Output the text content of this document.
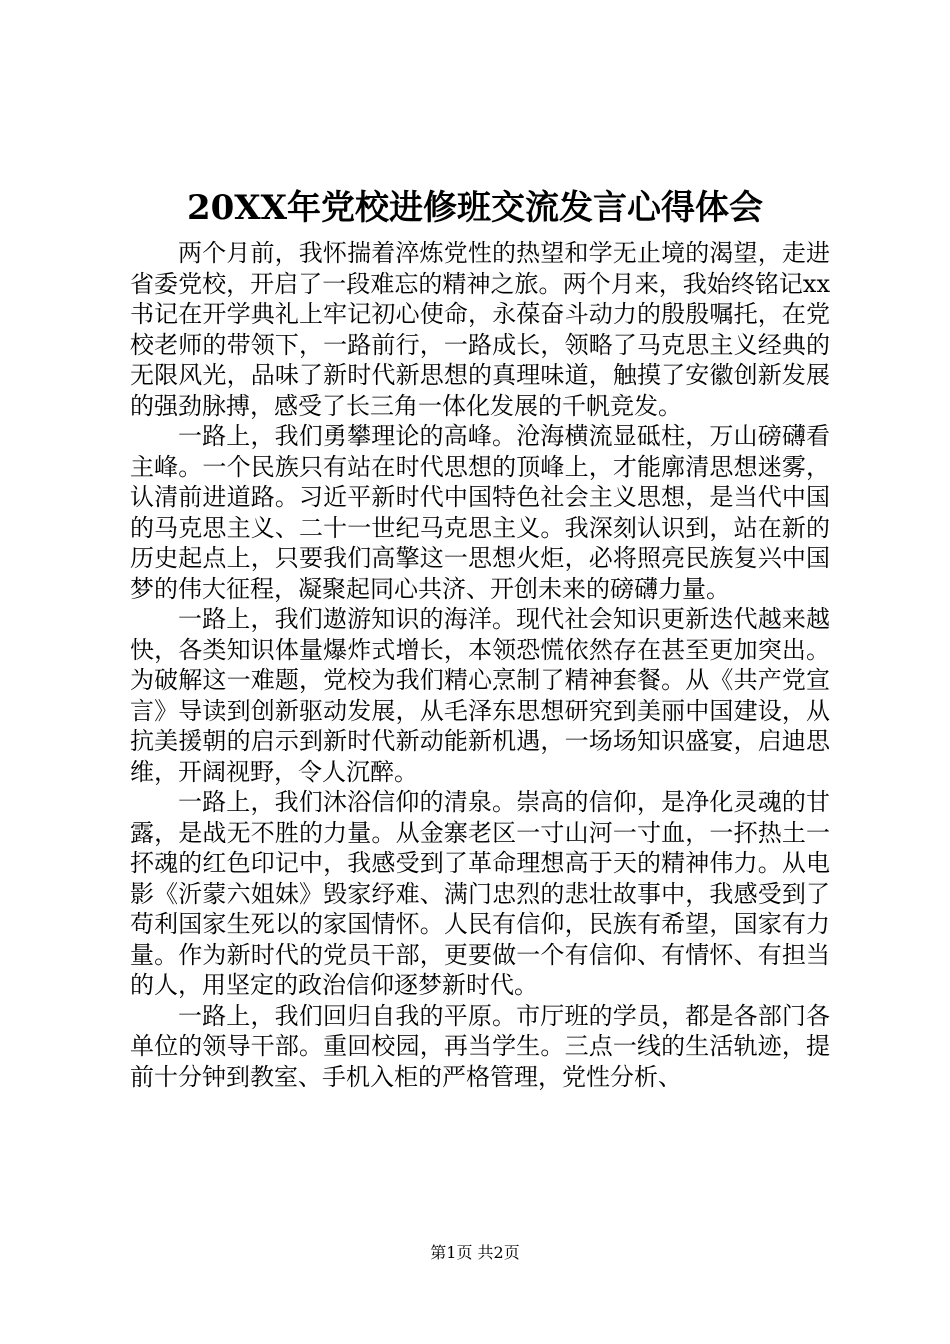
20XX年党校进修班交流发言心得体会

两个月前，我怀揣着淬炼党性的热望和学无止境的渴望，走进省委党校，开启了一段难忘的精神之旅。两个月来，我始终铭记xx书记在开学典礼上牢记初心使命，永葆奋斗动力的殷殷嘱托，在党校老师的带领下，一路前行，一路成长，领略了马克思主义经典的无限风光，品味了新时代新思想的真理味道，触摸了安徽创新发展的强劲脉搏，感受了长三角一体化发展的千帆竞发。

一路上，我们勇攀理论的高峰。沧海横流显砥柱，万山磅礴看主峰。一个民族只有站在时代思想的顶峰上，才能廓清思想迷雾，认清前进道路。习近平新时代中国特色社会主义思想，是当代中国的马克思主义、二十一世纪马克思主义。我深刻认识到，站在新的历史起点上，只要我们高擎这一思想火炬，必将照亮民族复兴中国梦的伟大征程，凝聚起同心共济、开创未来的磅礴力量。

一路上，我们遨游知识的海洋。现代社会知识更新迭代越来越快，各类知识体量爆炸式增长，本领恐慌依然存在甚至更加突出。为破解这一难题，党校为我们精心烹制了精神套餐。从《共产党宣言》导读到创新驱动发展，从毛泽东思想研究到美丽中国建设，从抗美援朝的启示到新时代新动能新机遇，一场场知识盛宴，启迪思维，开阔视野，令人沉醉。

一路上，我们沐浴信仰的清泉。崇高的信仰，是净化灵魂的甘露，是战无不胜的力量。从金寨老区一寸山河一寸血，一抔热土一抔魂的红色印记中，我感受到了革命理想高于天的精神伟力。从电影《沂蒙六姐妹》毁家纾难、满门忠烈的悲壮故事中，我感受到了苟利国家生死以的家国情怀。人民有信仰，民族有希望，国家有力量。作为新时代的党员干部，更要做一个有信仰、有情怀、有担当的人，用坚定的政治信仰逐梦新时代。

一路上，我们回归自我的平原。市厅班的学员，都是各部门各单位的领导干部。重回校园，再当学生。三点一线的生活轨迹，提前十分钟到教室、手机入柜的严格管理，党性分析、

第1页 共2页
